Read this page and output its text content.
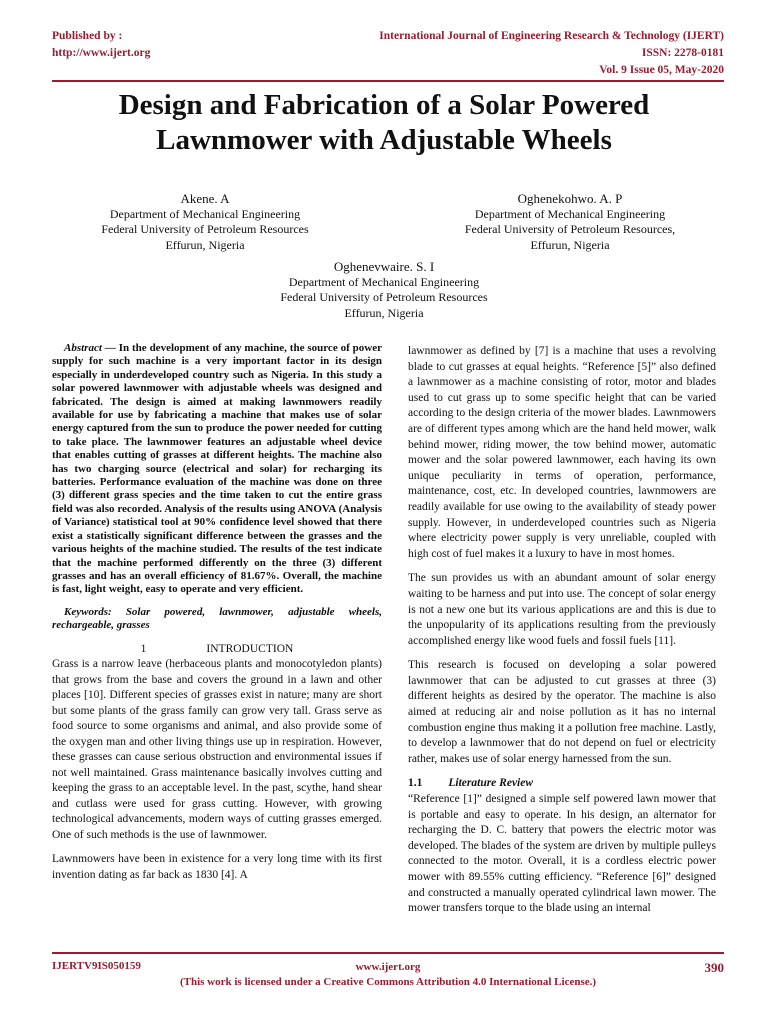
Published by :
http://www.ijert.org
International Journal of Engineering Research & Technology (IJERT)
ISSN: 2278-0181
Vol. 9 Issue 05, May-2020
Design and Fabrication of a Solar Powered
Lawnmower with Adjustable Wheels
Akene. A
Department of Mechanical Engineering
Federal University of Petroleum Resources
Effurun, Nigeria
Oghenekohwo. A. P
Department of Mechanical Engineering
Federal University of Petroleum Resources,
Effurun, Nigeria
Oghenevwaire. S. I
Department of Mechanical Engineering
Federal University of Petroleum Resources
Effurun, Nigeria

Abstract — In the development of any machine, the source of power supply for such machine is a very important factor in its design especially in underdeveloped country such as Nigeria. In this study a solar powered lawnmower with adjustable wheels was designed and fabricated. The design is aimed at making lawnmowers readily available for use by fabricating a machine that makes use of solar energy captured from the sun to produce the power needed for cutting to take place. The lawnmower features an adjustable wheel device that enables cutting of grasses at different heights. The machine also has two charging source (electrical and solar) for recharging its batteries. Performance evaluation of the machine was done on three (3) different grass species and the time taken to cut the entire grass field was also recorded. Analysis of the results using ANOVA (Analysis of Variance) statistical tool at 90% confidence level showed that there exist a statistically significant difference between the grasses and the various heights of the machine studied. The results of the test indicate that the machine performed differently on the three (3) different grasses and has an overall efficiency of 81.67%. Overall, the machine is fast, light weight, easy to operate and very efficient.

Keywords: Solar powered, lawnmower, adjustable wheels, rechargeable, grasses

1	INTRODUCTION

Grass is a narrow leave (herbaceous plants and monocotyledon plants) that grows from the base and covers the ground in a lawn and other places [10]. Different species of grasses exist in nature; many are short but some plants of the grass family can grow very tall. Grass serve as food source to some organisms and animal, and also provide some of the oxygen man and other living things use up in respiration. However, these grasses can cause serious obstruction and environmental issues if not well maintained. Grass maintenance basically involves cutting and keeping the grass to an acceptable level. In the past, scythe, hand shear and cutlass were used for grass cutting. However, with growing technological advancements, modern ways of cutting grasses emerged. One of such methods is the use of lawnmower.

Lawnmowers have been in existence for a very long time with its first invention dating as far back as 1830 [4]. A

lawnmower as defined by [7] is a machine that uses a revolving blade to cut grasses at equal heights. “Reference [5]” also defined a lawnmower as a machine consisting of rotor, motor and blades used to cut grass up to some specific height that can be varied according to the design criteria of the mower blades. Lawnmowers are of different types among which are the hand held mower, walk behind mower, riding mower, the tow behind mower, automatic mower and the solar powered lawnmower, each having its own unique peculiarity in terms of operation, performance, maintenance, cost, etc. In developed countries, lawnmowers are readily available for use owing to the availability of steady power supply. However, in underdeveloped countries such as Nigeria where electricity power supply is very unreliable, coupled with high cost of fuel makes it a luxury to have in most homes.

The sun provides us with an abundant amount of solar energy waiting to be harness and put into use. The concept of solar energy is not a new one but its various applications are and this is due to the unpopularity of its applications resulting from the previously accomplished energy like wood fuels and fossil fuels [11].

This research is focused on developing a solar powered lawnmower that can be adjusted to cut grasses at three (3) different heights as desired by the operator. The machine is also aimed at reducing air and noise pollution as it has no internal combustion engine thus making it a pollution free machine. Lastly, to develop a lawnmower that do not depend on fuel or electricity rather, makes use of solar energy harnessed from the sun.

1.1 Literature Review

“Reference [1]” designed a simple self powered lawn mower that is portable and easy to operate. In his design, an alternator for recharging the D. C. battery that powers the electric motor was developed. The blades of the system are driven by multiple pulleys connected to the motor. Overall, it is a cordless electric power mower with 89.55% cutting efficiency. “Reference [6]” designed and constructed a manually operated cylindrical lawn mower. The mower transfers torque to the blade using an internal

IJERTV9IS050159	www.ijert.org
(This work is licensed under a Creative Commons Attribution 4.0 International License.)
390
